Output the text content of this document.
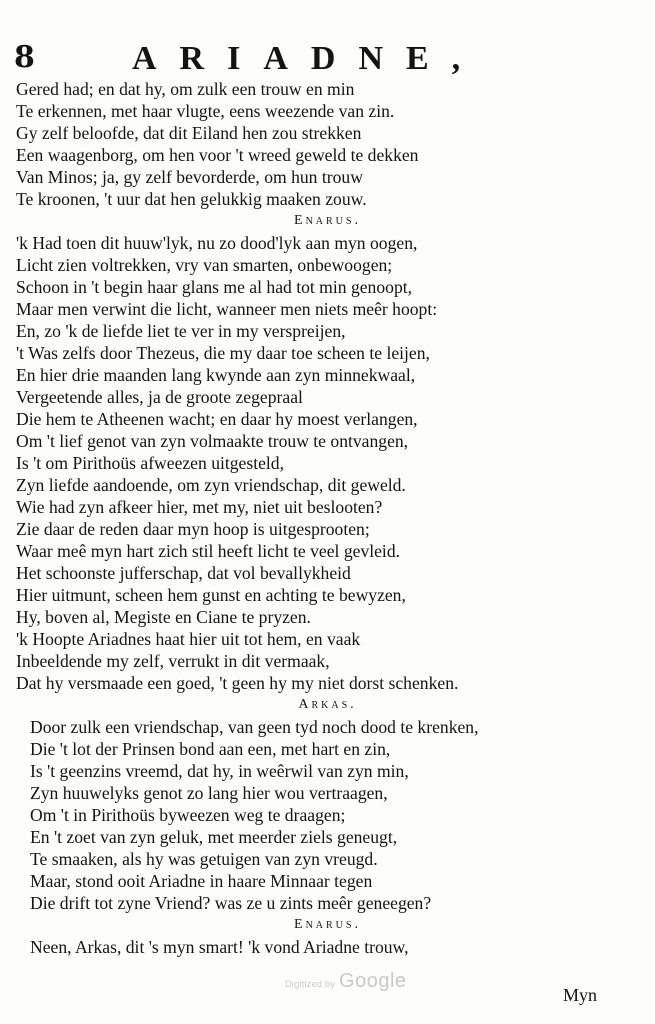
8	ARIADNE,
Gered had; en dat hy, om zulk een trouw en min
Te erkennen, met haar vlugte, eens weezende van zin.
Gy zelf beloofde, dat dit Eiland hen zou strekken
Een waagenborg, om hen voor 't wreed geweld te dekken
Van Minos; ja, gy zelf bevorderde, om hun trouw
Te kroonen, 't uur dat hen gelukkig maaken zouw.
Enarus.
'k Had toen dit huuw'lyk, nu zo dood'lyk aan myn oogen,
Licht zien voltrekken, vry van smarten, onbewoogen;
Schoon in 't begin haar glans me al had tot min genoopt,
Maar men verwint die licht, wanneer men niets meêr hoopt:
En, zo 'k de liefde liet te ver in my verspreijen,
't Was zelfs door Thezeus, die my daar toe scheen te leijen,
En hier drie maanden lang kwynde aan zyn minnekwaal,
Vergeetende alles, ja de groote zegepraal
Die hem te Atheenen wacht; en daar hy moest verlangen,
Om 't lief genot van zyn volmaakte trouw te ontvangen,
Is 't om Pirithoüs afweezen uitgesteld,
Zyn liefde aandoende, om zyn vriendschap, dit geweld.
Wie had zyn afkeer hier, met my, niet uit beslooten?
Zie daar de reden daar myn hoop is uitgesprooten;
Waar meê myn hart zich stil heeft licht te veel gevleid.
Het schoonste jufferschap, dat vol bevallykheid
Hier uitmunt, scheen hem gunst en achting te bewyzen,
Hy, boven al, Megiste en Ciane te pryzen.
'k Hoopte Ariadnes haat hier uit tot hem, en vaak
Inbeeldende my zelf, verrukt in dit vermaak,
Dat hy versmaade een goed, 't geen hy my niet dorst schenken.
Arkas.
Door zulk een vriendschap, van geen tyd noch dood te krenken,
Die 't lot der Prinsen bond aan een, met hart en zin,
Is 't geenzins vreemd, dat hy, in weêrwil van zyn min,
Zyn huuwelyks genot zo lang hier wou vertraagen,
Om 't in Pirithoüs byweezen weg te draagen;
En 't zoet van zyn geluk, met meerder ziels geneugt,
Te smaaken, als hy was getuigen van zyn vreugd.
Maar, stond ooit Ariadne in haare Minnaar tegen
Die drift tot zyne Vriend? was ze u zints meêr geneegen?
Enarus.
Neen, Arkas, dit 's myn smart! 'k vond Ariadne trouw,
Myn
Digitized by Google
